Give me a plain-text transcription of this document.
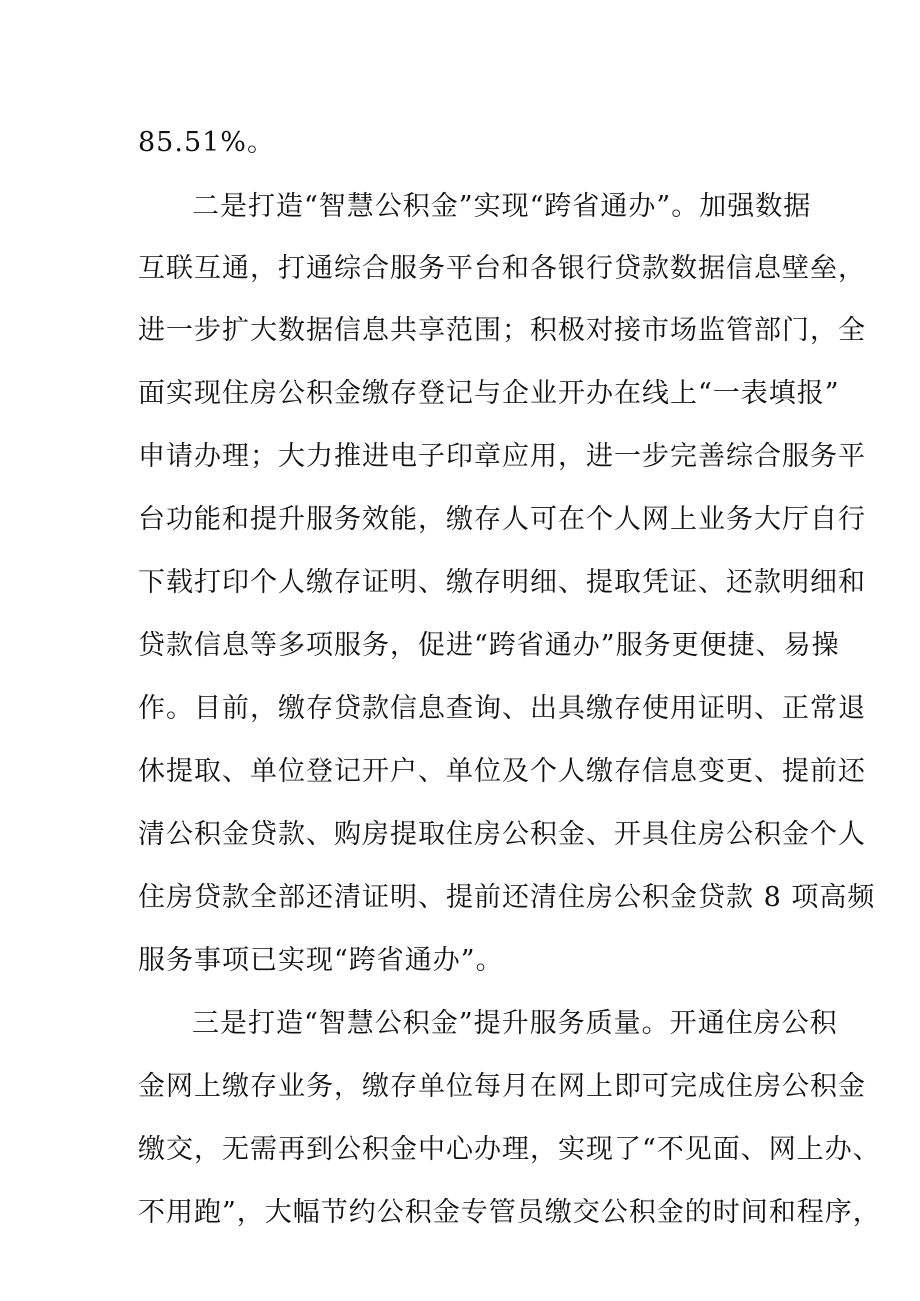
85.51%。
二是打造“智慧公积金”实现“跨省通办”。加强数据
互联互通，打通综合服务平台和各银行贷款数据信息壁垒，
进一步扩大数据信息共享范围；积极对接市场监管部门，全
面实现住房公积金缴存登记与企业开办在线上“一表填报”
申请办理；大力推进电子印章应用，进一步完善综合服务平
台功能和提升服务效能，缴存人可在个人网上业务大厅自行
下载打印个人缴存证明、缴存明细、提取凭证、还款明细和
贷款信息等多项服务，促进“跨省通办”服务更便捷、易操
作。目前，缴存贷款信息查询、出具缴存使用证明、正常退
休提取、单位登记开户、单位及个人缴存信息变更、提前还
清公积金贷款、购房提取住房公积金、开具住房公积金个人
住房贷款全部还清证明、提前还清住房公积金贷款 8 项高频
服务事项已实现“跨省通办”。
三是打造“智慧公积金”提升服务质量。开通住房公积
金网上缴存业务，缴存单位每月在网上即可完成住房公积金
缴交，无需再到公积金中心办理，实现了“不见面、网上办、
不用跑”，大幅节约公积金专管员缴交公积金的时间和程序，
